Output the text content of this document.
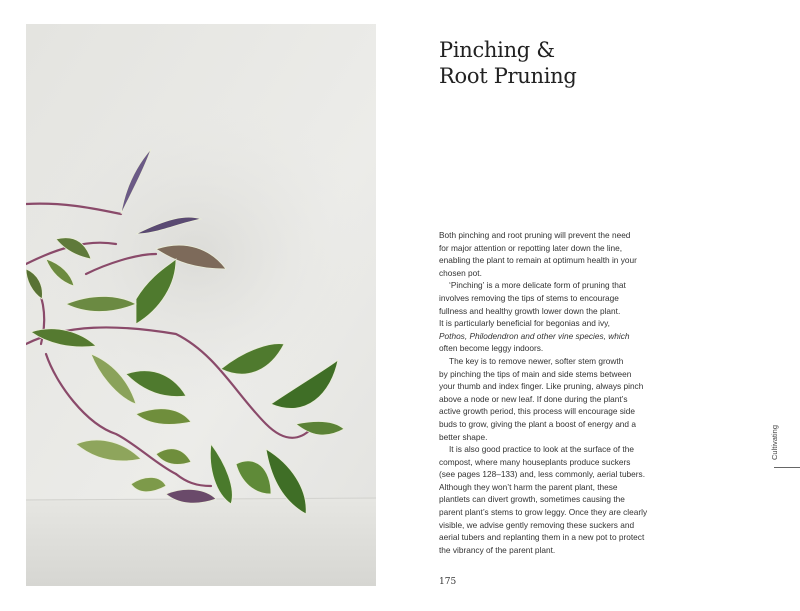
Pinching &
Root Pruning

Both pinching and root pruning will prevent the need
for major attention or repotting later down the line,
enabling the plant to remain at optimum health in your
chosen pot.

‘Pinching’ is a more delicate form of pruning that
involves removing the tips of stems to encourage
fullness and healthy growth lower down the plant.
It is particularly beneficial for begonias and ivy,
Pothos, Philodendron and other vine species, which
often become leggy indoors.

The key is to remove newer, softer stem growth
by pinching the tips of main and side stems between
your thumb and index finger. Like pruning, always pinch
above a node or new leaf. If done during the plant’s
active growth period, this process will encourage side
buds to grow, giving the plant a boost of energy and a
better shape.

It is also good practice to look at the surface of the
compost, where many houseplants produce suckers
(see pages 128–133) and, less commonly, aerial tubers.
Although they won’t harm the parent plant, these
plantlets can divert growth, sometimes causing the
parent plant’s stems to grow leggy. Once they are clearly
visible, we advise gently removing these suckers and
aerial tubers and replanting them in a new pot to protect
the vibrancy of the parent plant.

175
Cultivating
